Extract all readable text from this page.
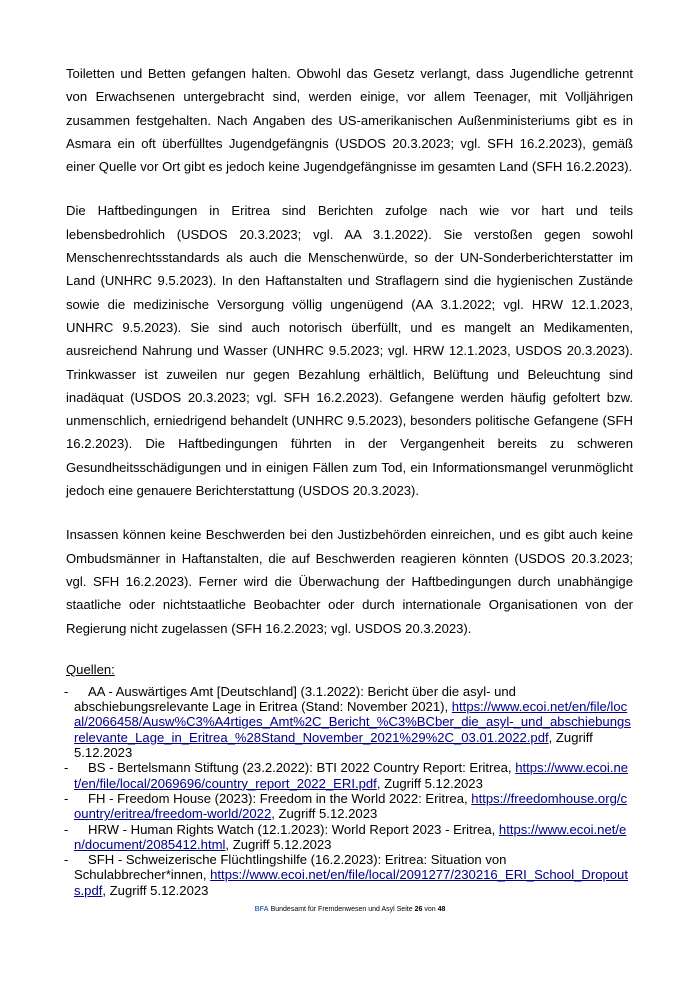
Toiletten und Betten gefangen halten. Obwohl das Gesetz verlangt, dass Jugendliche getrennt von Erwachsenen untergebracht sind, werden einige, vor allem Teenager, mit Volljährigen zusammen festgehalten. Nach Angaben des US-amerikanischen Außenministeriums gibt es in Asmara ein oft überfülltes Jugendgefängnis (USDOS 20.3.2023; vgl. SFH 16.2.2023), gemäß einer Quelle vor Ort gibt es jedoch keine Jugendgefängnisse im gesamten Land (SFH 16.2.2023).

Die Haftbedingungen in Eritrea sind Berichten zufolge nach wie vor hart und teils lebensbedrohlich (USDOS 20.3.2023; vgl. AA 3.1.2022). Sie verstoßen gegen sowohl Menschenrechtsstandards als auch die Menschenwürde, so der UN-Sonderberichterstatter im Land (UNHRC 9.5.2023). In den Haftanstalten und Straflagern sind die hygienischen Zustände sowie die medizinische Versorgung völlig ungenügend (AA 3.1.2022; vgl. HRW 12.1.2023, UNHRC 9.5.2023). Sie sind auch notorisch überfüllt, und es mangelt an Medikamenten, ausreichend Nahrung und Wasser (UNHRC 9.5.2023; vgl. HRW 12.1.2023, USDOS 20.3.2023). Trinkwasser ist zuweilen nur gegen Bezahlung erhältlich, Belüftung und Beleuchtung sind inadäquat (USDOS 20.3.2023; vgl. SFH 16.2.2023). Gefangene werden häufig gefoltert bzw. unmenschlich, erniedrigend behandelt (UNHRC 9.5.2023), besonders politische Gefangene (SFH 16.2.2023). Die Haftbedingungen führten in der Vergangenheit bereits zu schweren Gesundheitsschädigungen und in einigen Fällen zum Tod, ein Informationsmangel verunmöglicht jedoch eine genauere Berichterstattung (USDOS 20.3.2023).

Insassen können keine Beschwerden bei den Justizbehörden einreichen, und es gibt auch keine Ombudsmänner in Haftanstalten, die auf Beschwerden reagieren könnten (USDOS 20.3.2023; vgl. SFH 16.2.2023). Ferner wird die Überwachung der Haftbedingungen durch unabhängige staatliche oder nichtstaatliche Beobachter oder durch internationale Organisationen von der Regierung nicht zugelassen (SFH 16.2.2023; vgl. USDOS 20.3.2023).

Quellen:
-	AA - Auswärtiges Amt [Deutschland] (3.1.2022): Bericht über die asyl- und abschiebungsrelevante Lage in Eritrea (Stand: November 2021), https://www.ecoi.net/en/file/local/2066458/Ausw%C3%A4rtiges_Amt%2C_Bericht_%C3%BCber_die_asyl-_und_abschiebungsrelevante_Lage_in_Eritrea_%28Stand_November_2021%29%2C_03.01.2022.pdf, Zugriff 5.12.2023
-	BS - Bertelsmann Stiftung (23.2.2022): BTI 2022 Country Report: Eritrea, https://www.ecoi.net/en/file/local/2069696/country_report_2022_ERI.pdf, Zugriff 5.12.2023
-	FH - Freedom House (2023): Freedom in the World 2022: Eritrea, https://freedomhouse.org/country/eritrea/freedom-world/2022, Zugriff 5.12.2023
-	HRW - Human Rights Watch (12.1.2023): World Report 2023 - Eritrea, https://www.ecoi.net/en/document/2085412.html, Zugriff 5.12.2023
-	SFH - Schweizerische Flüchtlingshilfe (16.2.2023): Eritrea: Situation von Schulabbrecher*innen, https://www.ecoi.net/en/file/local/2091277/230216_ERI_School_Dropouts.pdf, Zugriff 5.12.2023
BFA Bundesamt für Fremdenwesen und Asyl Seite 26 von 48
